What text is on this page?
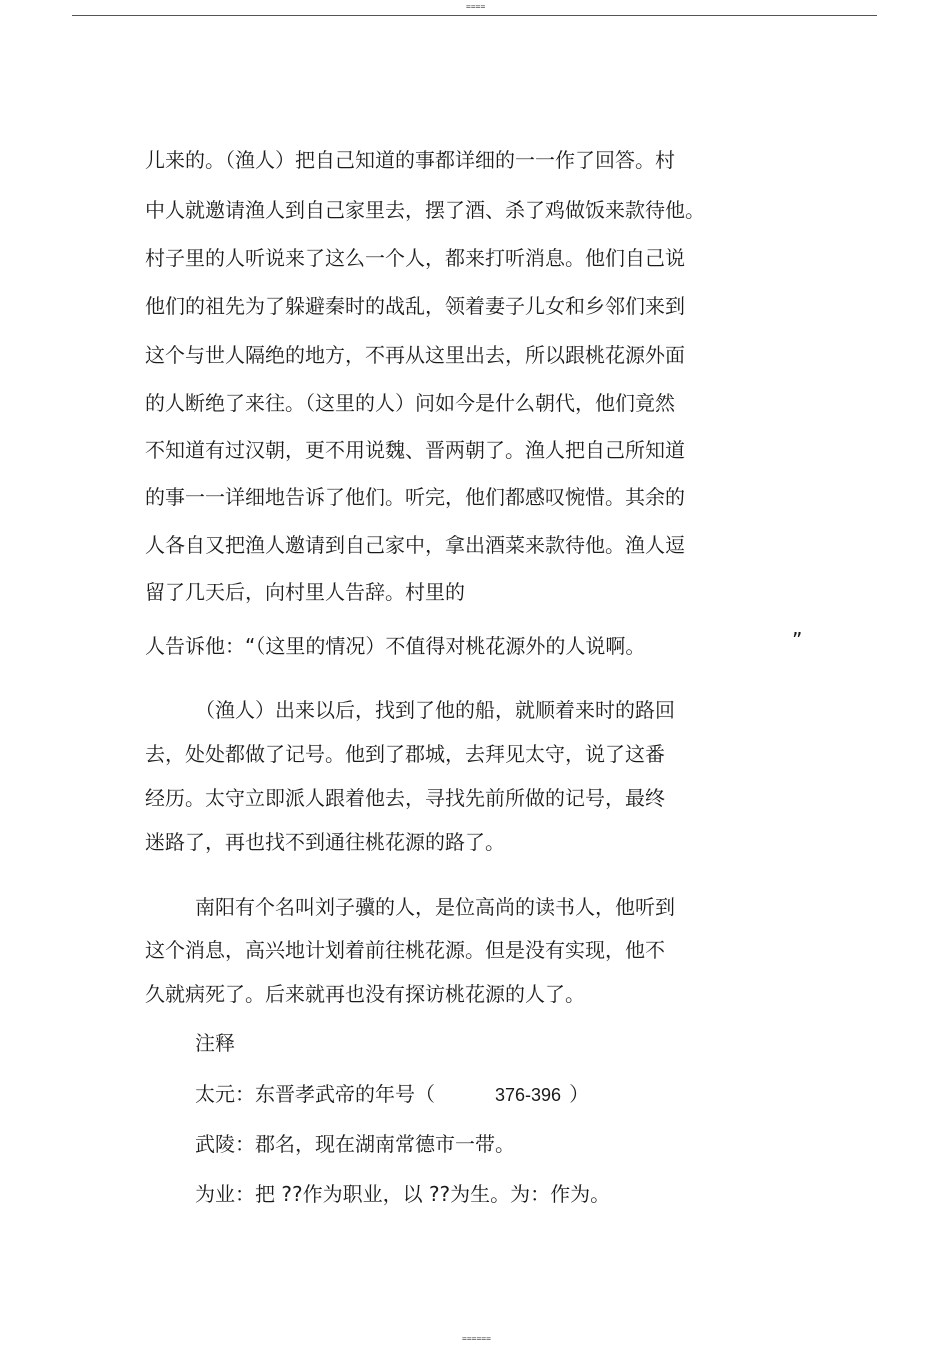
====
儿来的。（渔人）把自己知道的事都详细的一一作了回答。村
中人就邀请渔人到自己家里去，摆了酒、杀了鸡做饭来款待他。
村子里的人听说来了这么一个人，都来打听消息。他们自己说
他们的祖先为了躲避秦时的战乱，领着妻子儿女和乡邻们来到
这个与世人隔绝的地方，不再从这里出去，所以跟桃花源外面
的人断绝了来往。（这里的人）问如今是什么朝代，他们竟然
不知道有过汉朝，更不用说魏、晋两朝了。渔人把自己所知道
的事一一详细地告诉了他们。听完，他们都感叹惋惜。其余的
人各自又把渔人邀请到自己家中，拿出酒菜来款待他。渔人逗
留了几天后，向村里人告辞。村里的
人告诉他：“（这里的情况）不值得对桃花源外的人说啊。	”
（渔人）出来以后，找到了他的船，就顺着来时的路回
去，处处都做了记号。他到了郡城，去拜见太守，说了这番
经历。太守立即派人跟着他去，寻找先前所做的记号，最终
迷路了，再也找不到通往桃花源的路了。
南阳有个名叫刘子骥的人，是位高尚的读书人，他听到
这个消息，高兴地计划着前往桃花源。但是没有实现，他不
久就病死了。后来就再也没有探访桃花源的人了。
注释
太元：东晋孝武帝的年号（	376-396 ）
武陵：郡名，现在湖南常德市一带。
为业：把 ??作为职业，以 ??为生。为：作为。
======
